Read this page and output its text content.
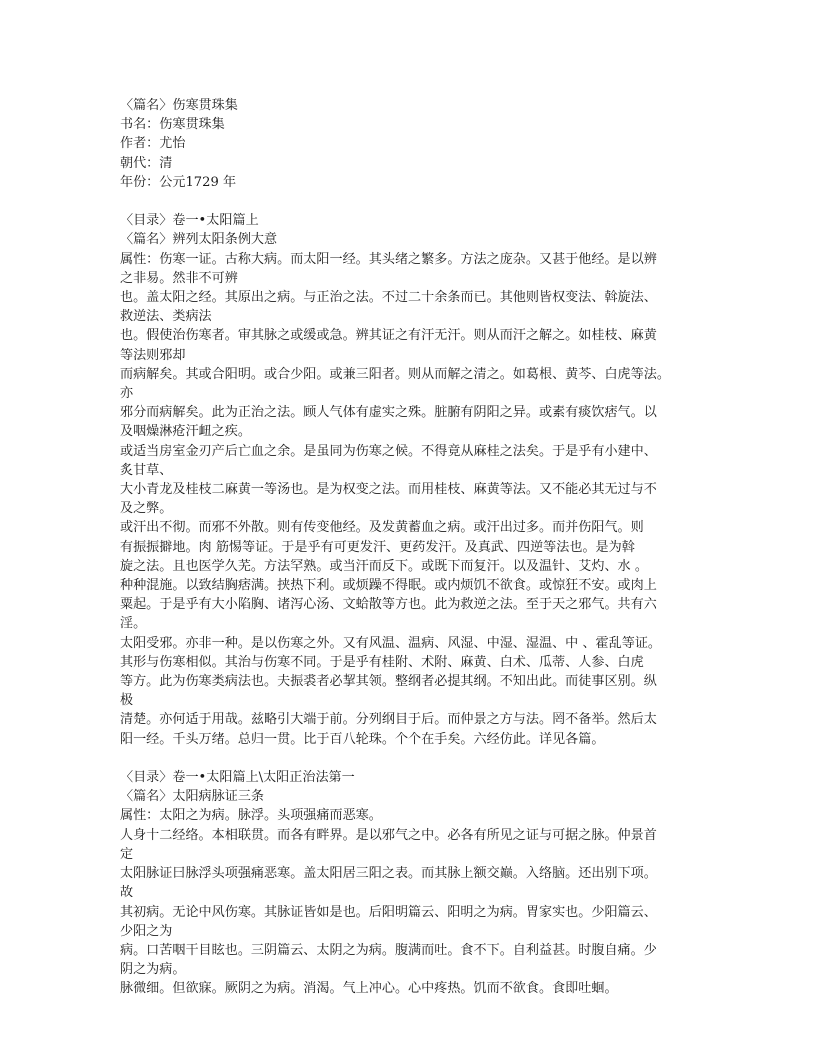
〈篇名〉伤寒贯珠集
书名：伤寒贯珠集
作者：尤怡
朝代：清
年份：公元1729 年
〈目录〉卷一•太阳篇上
〈篇名〉辨列太阳条例大意
属性：伤寒一证。古称大病。而太阳一经。其头绪之繁多。方法之庞杂。又甚于他经。是以辨
之非易。然非不可辨
也。盖太阳之经。其原出之病。与正治之法。不过二十余条而已。其他则皆权变法、斡旋法、
救逆法、类病法
也。假使治伤寒者。审其脉之或缓或急。辨其证之有汗无汗。则从而汗之解之。如桂枝、麻黄
等法则邪却
而病解矣。其或合阳明。或合少阳。或兼三阳者。则从而解之清之。如葛根、黄芩、白虎等法。
亦
邪分而病解矣。此为正治之法。顾人气体有虚实之殊。脏腑有阴阳之异。或素有痰饮痞气。以
及咽燥淋疮汗衄之疾。
或适当房室金刃产后亡血之余。是虽同为伤寒之候。不得竟从麻桂之法矣。于是乎有小建中、
炙甘草、
大小青龙及桂枝二麻黄一等汤也。是为权变之法。而用桂枝、麻黄等法。又不能必其无过与不
及之弊。
或汗出不彻。而邪不外散。则有传变他经。及发黄蓄血之病。或汗出过多。而并伤阳气。则
有振振擗地。肉 筋惕等证。于是乎有可更发汗、更药发汗。及真武、四逆等法也。是为斡
旋之法。且也医学久芜。方法罕熟。或当汗而反下。或既下而复汗。以及温针、艾灼、水 。
种种混施。以致结胸痞满。挟热下利。或烦躁不得眠。或内烦饥不欲食。或惊狂不安。或肉上
粟起。于是乎有大小陷胸、诸泻心汤、文蛤散等方也。此为救逆之法。至于天之邪气。共有六
淫。
太阳受邪。亦非一种。是以伤寒之外。又有风温、温病、风湿、中湿、湿温、中 、霍乱等证。
其形与伤寒相似。其治与伤寒不同。于是乎有桂附、术附、麻黄、白术、瓜蒂、人参、白虎
等方。此为伤寒类病法也。夫振裘者必挈其领。整纲者必提其纲。不知出此。而徒事区别。纵
极
清楚。亦何适于用哉。兹略引大端于前。分列纲目于后。而仲景之方与法。罔不备举。然后太
阳一经。千头万绪。总归一贯。比于百八轮珠。个个在手矣。六经仿此。详见各篇。
〈目录〉卷一•太阳篇上\太阳正治法第一
〈篇名〉太阳病脉证三条
属性：太阳之为病。脉浮。头项强痛而恶寒。
人身十二经络。本相联贯。而各有畔界。是以邪气之中。必各有所见之证与可据之脉。仲景首
定
太阳脉证曰脉浮头项强痛恶寒。盖太阳居三阳之表。而其脉上额交巅。入络脑。还出别下项。
故
其初病。无论中风伤寒。其脉证皆如是也。后阳明篇云、阳明之为病。胃家实也。少阳篇云、
少阳之为
病。口苦咽干目眩也。三阴篇云、太阴之为病。腹满而吐。食不下。自利益甚。时腹自痛。少
阴之为病。
脉微细。但欲寐。厥阴之为病。消渴。气上冲心。心中疼热。饥而不欲食。食即吐蛔。
